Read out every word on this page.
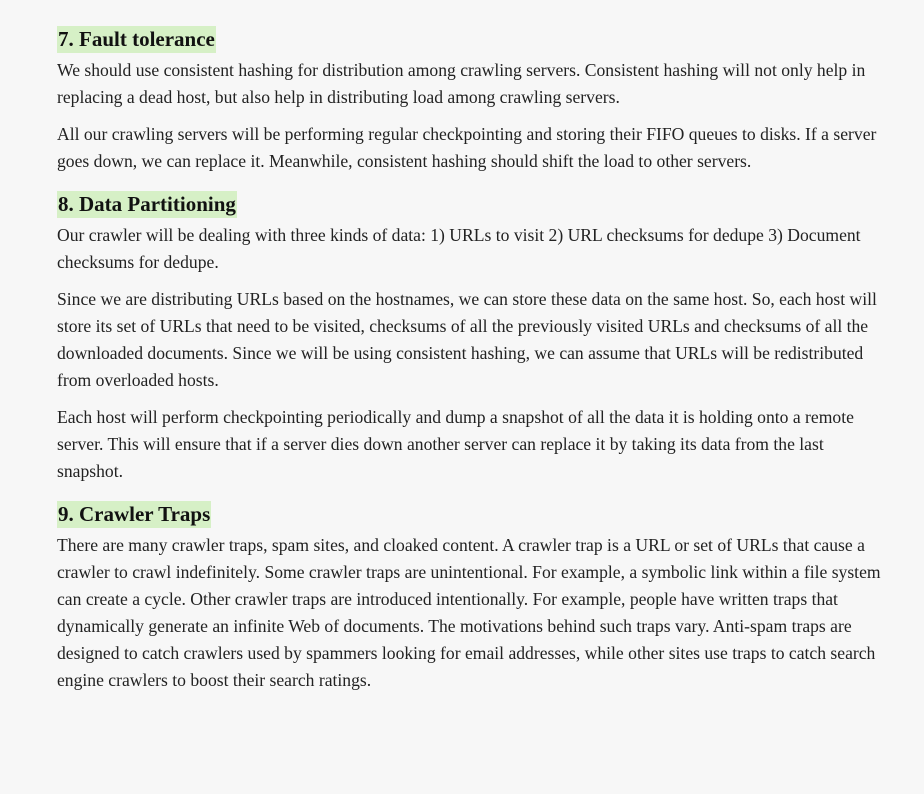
7. Fault tolerance

We should use consistent hashing for distribution among crawling servers. Consistent hashing will not only help in replacing a dead host, but also help in distributing load among crawling servers.

All our crawling servers will be performing regular checkpointing and storing their FIFO queues to disks. If a server goes down, we can replace it. Meanwhile, consistent hashing should shift the load to other servers.

8. Data Partitioning

Our crawler will be dealing with three kinds of data: 1) URLs to visit 2) URL checksums for dedupe 3) Document checksums for dedupe.

Since we are distributing URLs based on the hostnames, we can store these data on the same host. So, each host will store its set of URLs that need to be visited, checksums of all the previously visited URLs and checksums of all the downloaded documents. Since we will be using consistent hashing, we can assume that URLs will be redistributed from overloaded hosts.

Each host will perform checkpointing periodically and dump a snapshot of all the data it is holding onto a remote server. This will ensure that if a server dies down another server can replace it by taking its data from the last snapshot.

9. Crawler Traps

There are many crawler traps, spam sites, and cloaked content. A crawler trap is a URL or set of URLs that cause a crawler to crawl indefinitely. Some crawler traps are unintentional. For example, a symbolic link within a file system can create a cycle. Other crawler traps are introduced intentionally. For example, people have written traps that dynamically generate an infinite Web of documents. The motivations behind such traps vary. Anti-spam traps are designed to catch crawlers used by spammers looking for email addresses, while other sites use traps to catch search engine crawlers to boost their search ratings.
